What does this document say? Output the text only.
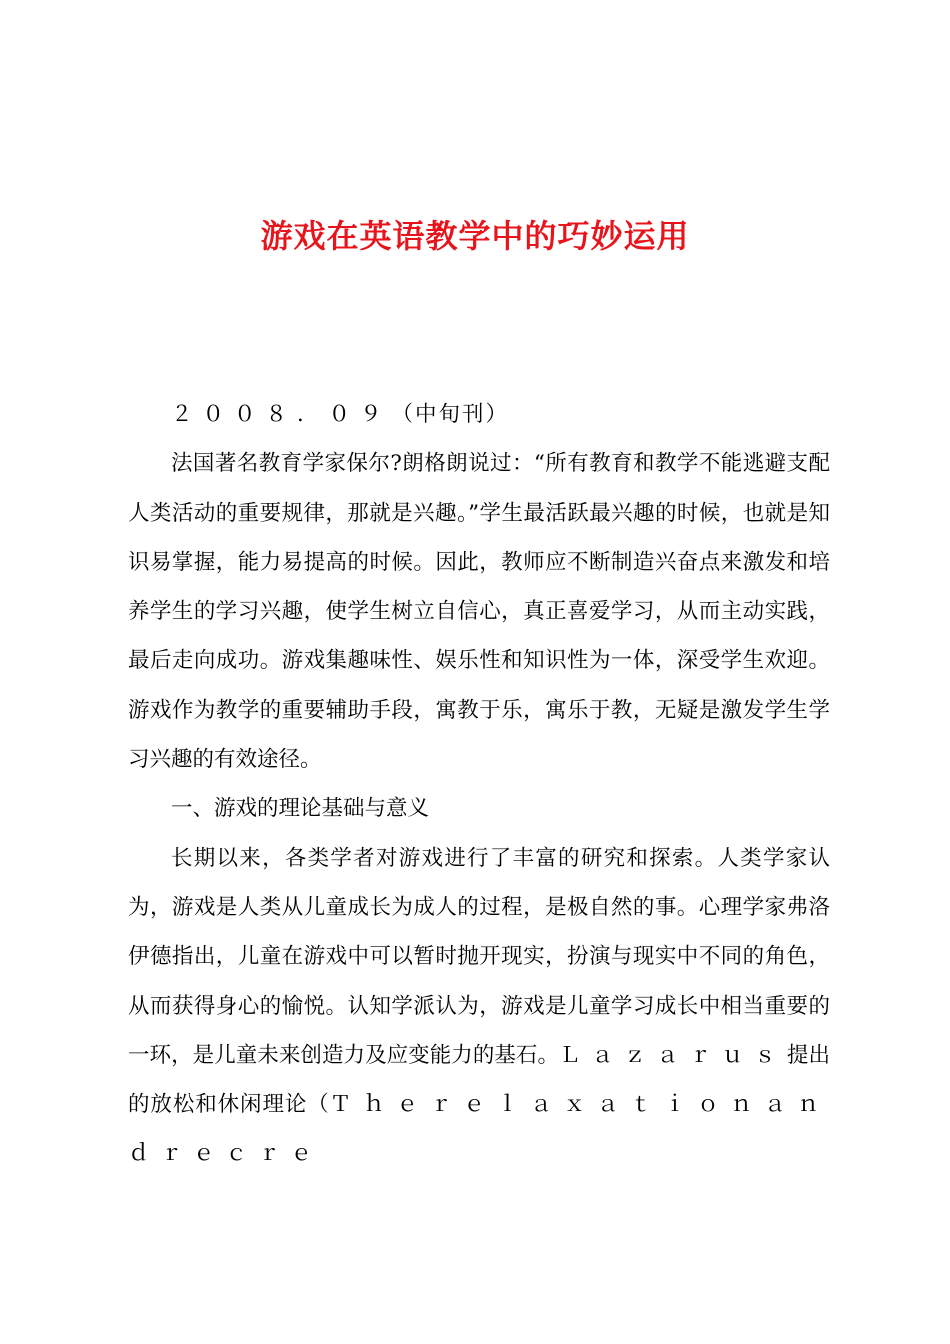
游戏在英语教学中的巧妙运用

２００８．０９（中旬刊）

法国著名教育学家保尔?朗格朗说过：“所有教育和教学不能逃避支配人类活动的重要规律，那就是兴趣。”学生最活跃最兴趣的时候，也就是知识易掌握，能力易提高的时候。因此，教师应不断制造兴奋点来激发和培养学生的学习兴趣，使学生树立自信心，真正喜爱学习，从而主动实践，最后走向成功。游戏集趣味性、娱乐性和知识性为一体，深受学生欢迎。游戏作为教学的重要辅助手段，寓教于乐，寓乐于教，无疑是激发学生学习兴趣的有效途径。

一、游戏的理论基础与意义

长期以来，各类学者对游戏进行了丰富的研究和探索。人类学家认为，游戏是人类从儿童成长为成人的过程，是极自然的事。心理学家弗洛伊德指出，儿童在游戏中可以暂时抛开现实，扮演与现实中不同的角色，从而获得身心的愉悦。认知学派认为，游戏是儿童学习成长中相当重要的一环，是儿童未来创造力及应变能力的基石。Ｌａｚａｒｕｓ提出的放松和休闲理论（Ｔｈｅｒｅｌａｘａｔｉｏｎａｎｄｒｅｃｒｅ
